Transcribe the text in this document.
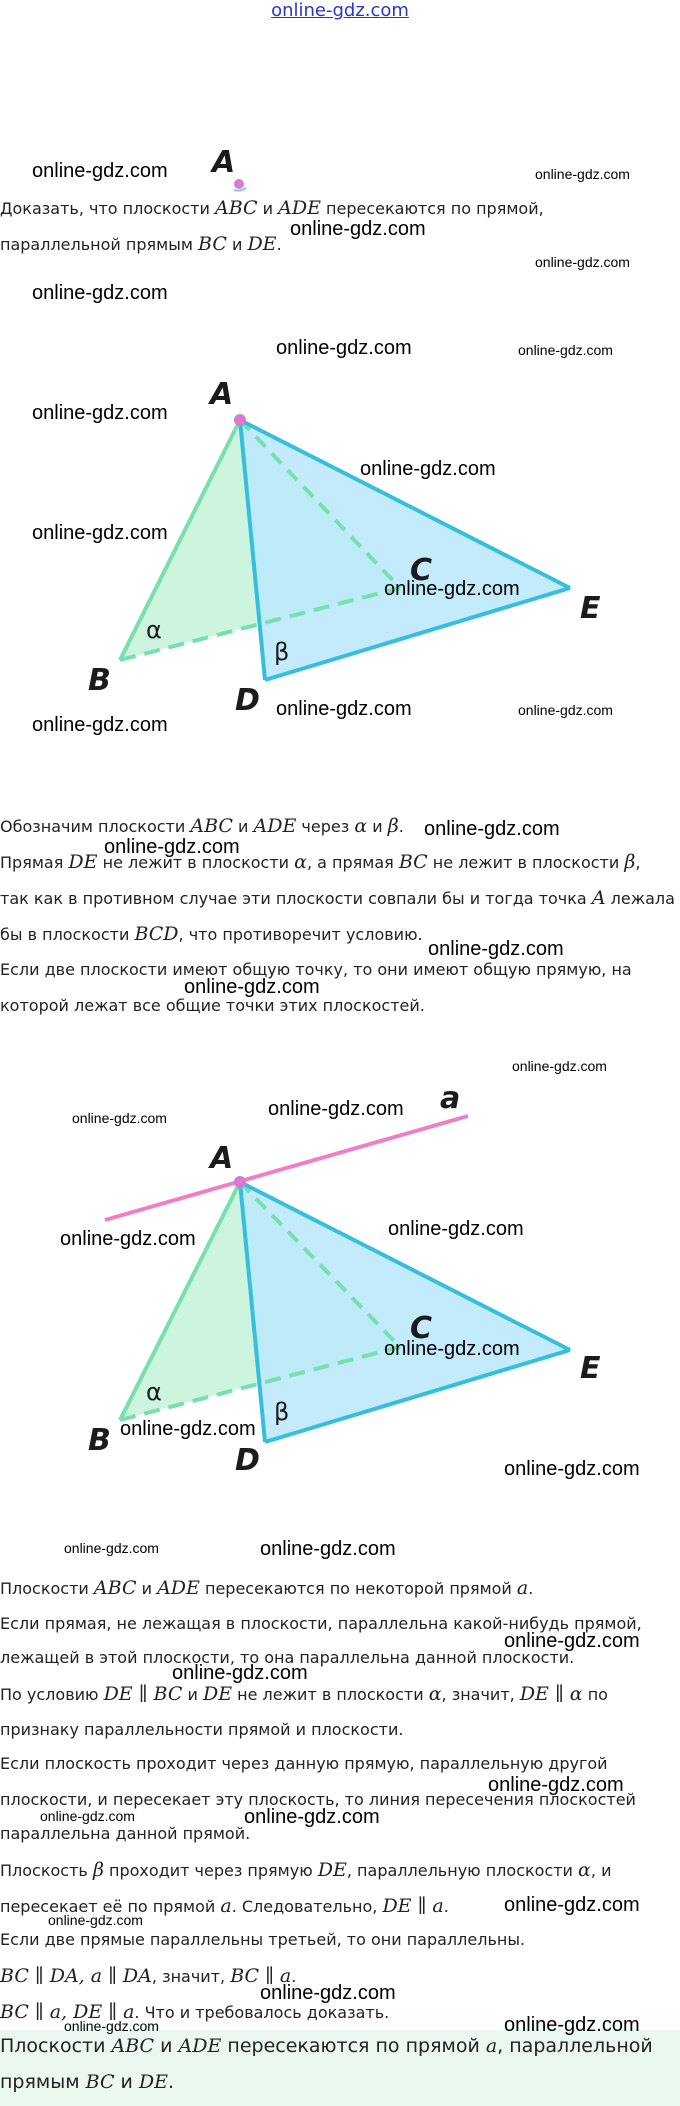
online-gdz.com
A
Доказать, что плоскости ABC и ADE пересекаются по прямой,
параллельной прямым BC и DE.
A
B
C
D
E
α
β
Обозначим плоскости ABC и ADE через α и β.
Прямая DE не лежит в плоскости α, а прямая BC не лежит в плоскости β,
так как в противном случае эти плоскости совпали бы и тогда точка A лежала
бы в плоскости BCD, что противоречит условию.
Если две плоскости имеют общую точку, то они имеют общую прямую, на
которой лежат все общие точки этих плоскостей.
a
A
B
C
D
E
α
β
Плоскости ABC и ADE пересекаются по некоторой прямой a.
Если прямая, не лежащая в плоскости, параллельна какой-нибудь прямой,
лежащей в этой плоскости, то она параллельна данной плоскости.
По условию DE ∥ BC и DE не лежит в плоскости α, значит, DE ∥ α по
признаку параллельности прямой и плоскости.
Если плоскость проходит через данную прямую, параллельную другой
плоскости, и пересекает эту плоскость, то линия пересечения плоскостей
параллельна данной прямой.
Плоскость β проходит через прямую DE, параллельную плоскости α, и
пересекает её по прямой a. Следовательно, DE ∥ a.
Если две прямые параллельны третьей, то они параллельны.
BC ∥ DA, a ∥ DA, значит, BC ∥ a.
BC ∥ a, DE ∥ a. Что и требовалось доказать.
Плоскости ABC и ADE пересекаются по прямой a, параллельной
прямым BC и DE.
online-gdz.com	online-gdz.com
online-gdz.com
online-gdz.com
online-gdz.com
online-gdz.com	online-gdz.com
online-gdz.com
online-gdz.com
online-gdz.com
online-gdz.com
online-gdz.com	online-gdz.com
online-gdz.com
online-gdz.com
online-gdz.com
online-gdz.com
online-gdz.com
online-gdz.com
online-gdz.com	online-gdz.com
online-gdz.com
online-gdz.com
online-gdz.com
online-gdz.com
online-gdz.com
online-gdz.com	online-gdz.com
online-gdz.com
online-gdz.com
online-gdz.com
online-gdz.com
online-gdz.com
online-gdz.com
online-gdz.com
online-gdz.com
online-gdz.com	online-gdz.com
